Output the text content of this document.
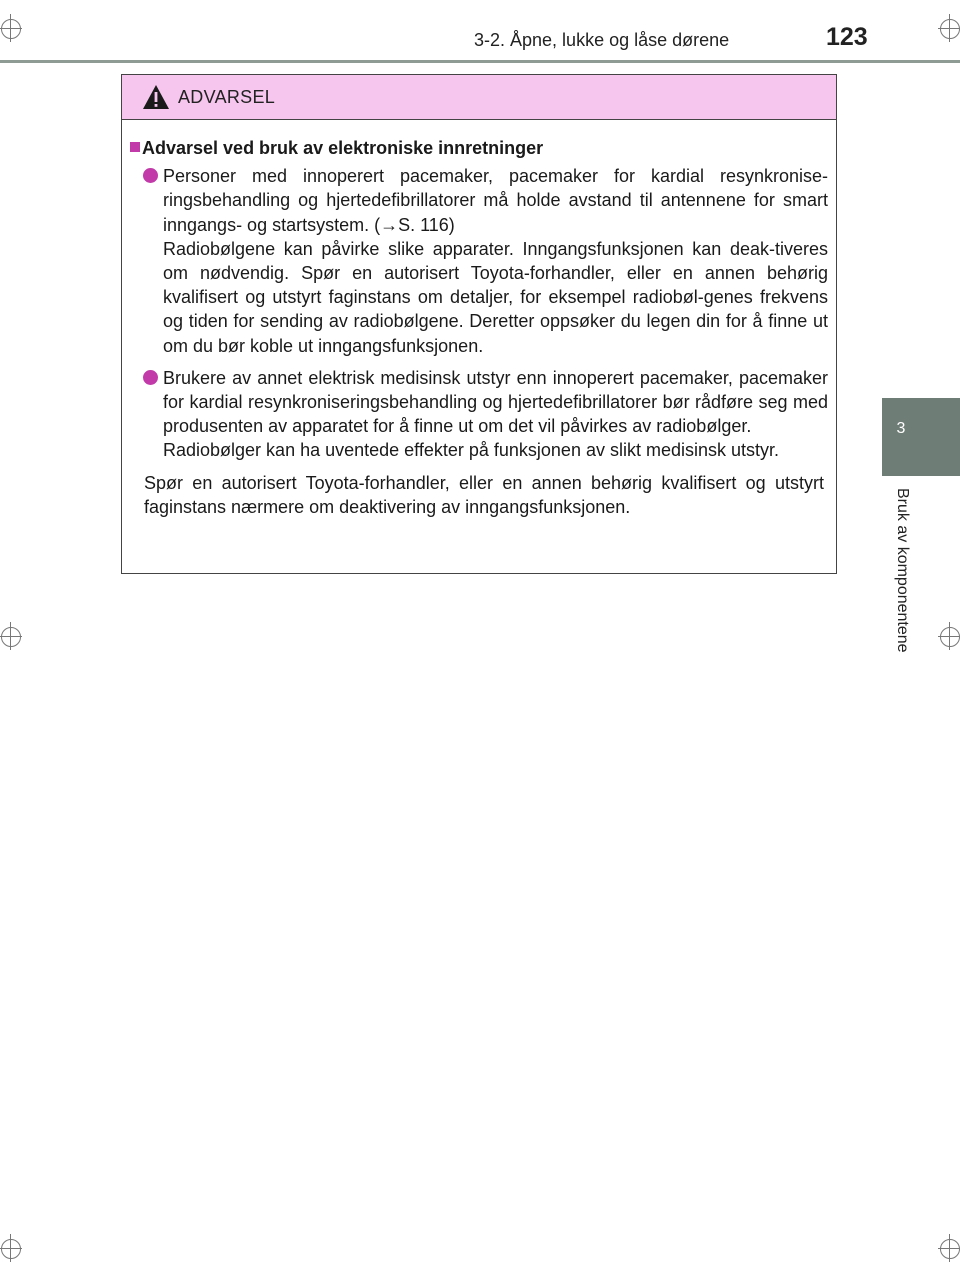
3-2. Åpne, lukke og låse dørene	123
3
Bruk av komponentene
ADVARSEL
Advarsel ved bruk av elektroniske innretninger

Personer med innoperert pacemaker, pacemaker for kardial resynkronise-ringsbehandling og hjertedefibrillatorer må holde avstand til antennene for smart inngangs- og startsystem. (→S. 116)

Radiobølgene kan påvirke slike apparater. Inngangsfunksjonen kan deak-tiveres om nødvendig. Spør en autorisert Toyota-forhandler, eller en annen behørig kvalifisert og utstyrt faginstans om detaljer, for eksempel radiobøl-genes frekvens og tiden for sending av radiobølgene. Deretter oppsøker du legen din for å finne ut om du bør koble ut inngangsfunksjonen.

Brukere av annet elektrisk medisinsk utstyr enn innoperert pacemaker, pacemaker for kardial resynkroniseringsbehandling og hjertedefibrillatorer bør rådføre seg med produsenten av apparatet for å finne ut om det vil påvirkes av radiobølger.

Radiobølger kan ha uventede effekter på funksjonen av slikt medisinsk utstyr.

Spør en autorisert Toyota-forhandler, eller en annen behørig kvalifisert og utstyrt faginstans nærmere om deaktivering av inngangsfunksjonen.
